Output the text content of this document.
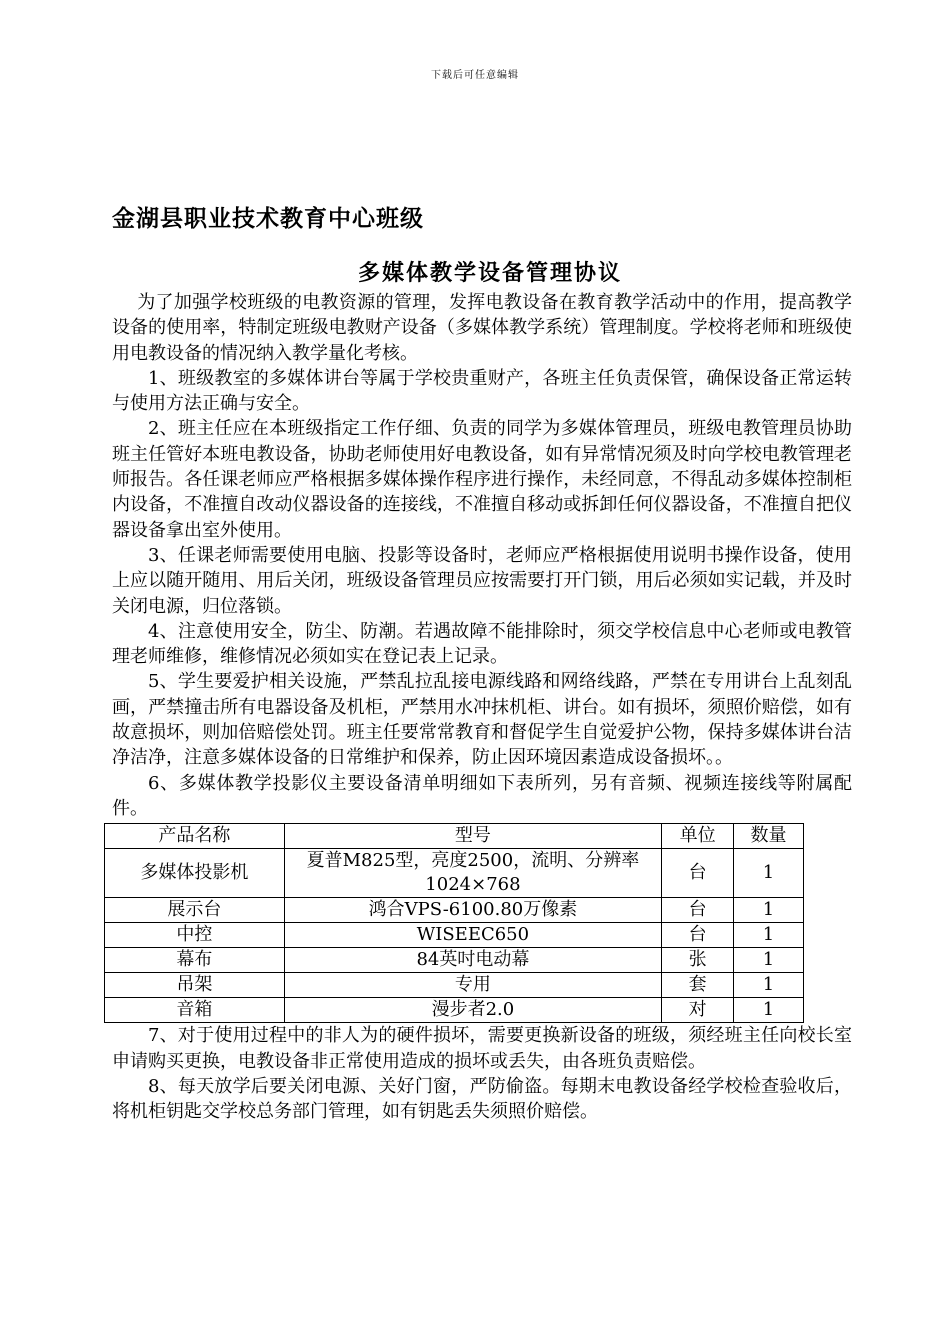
下载后可任意编辑
金湖县职业技术教育中心班级
多媒体教学设备管理协议

为了加强学校班级的电教资源的管理，发挥电教设备在教育教学活动中的作用，提高教学设备的使用率，特制定班级电教财产设备（多媒体教学系统）管理制度。学校将老师和班级使用电教设备的情况纳入教学量化考核。

1、班级教室的多媒体讲台等属于学校贵重财产，各班主任负责保管，确保设备正常运转与使用方法正确与安全。

2、班主任应在本班级指定工作仔细、负责的同学为多媒体管理员，班级电教管理员协助班主任管好本班电教设备，协助老师使用好电教设备，如有异常情况须及时向学校电教管理老师报告。各任课老师应严格根据多媒体操作程序进行操作，未经同意，不得乱动多媒体控制柜内设备，不准擅自改动仪器设备的连接线，不准擅自移动或拆卸任何仪器设备，不准擅自把仪器设备拿出室外使用。

3、任课老师需要使用电脑、投影等设备时，老师应严格根据使用说明书操作设备，使用上应以随开随用、用后关闭，班级设备管理员应按需要打开门锁，用后必须如实记载，并及时关闭电源，归位落锁。

4、注意使用安全，防尘、防潮。若遇故障不能排除时，须交学校信息中心老师或电教管理老师维修，维修情况必须如实在登记表上记录。

5、学生要爱护相关设施，严禁乱拉乱接电源线路和网络线路，严禁在专用讲台上乱刻乱画，严禁撞击所有电器设备及机柜，严禁用水冲抹机柜、讲台。如有损坏，须照价赔偿，如有故意损坏，则加倍赔偿处罚。班主任要常常教育和督促学生自觉爱护公物，保持多媒体讲台洁净洁净，注意多媒体设备的日常维护和保养，防止因环境因素造成设备损坏。。

6、多媒体教学投影仪主要设备清单明细如下表所列，另有音频、视频连接线等附属配件。

产品名称	型号	单位	数量
多媒体投影机	夏普M825型，亮度2500，流明、分辨率1024×768	台	1
展示台	鸿合VPS-6100.80万像素	台	1
中控	WISEEC650	台	1
幕布	84英吋电动幕	张	1
吊架	专用	套	1
音箱	漫步者2.0	对	1

7、对于使用过程中的非人为的硬件损坏，需要更换新设备的班级，须经班主任向校长室申请购买更换，电教设备非正常使用造成的损坏或丢失，由各班负责赔偿。

8、每天放学后要关闭电源、关好门窗，严防偷盗。每期末电教设备经学校检查验收后，将机柜钥匙交学校总务部门管理，如有钥匙丢失须照价赔偿。
